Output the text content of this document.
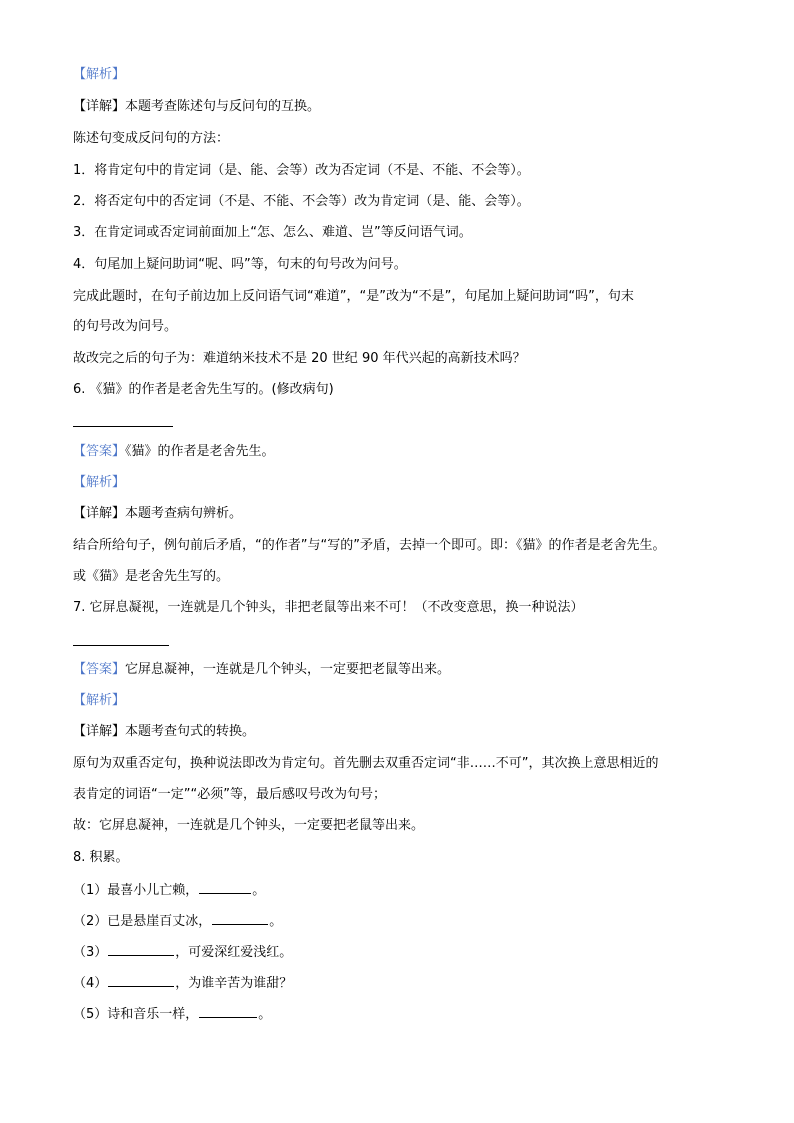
【解析】
【详解】本题考查陈述句与反问句的互换。
陈述句变成反问句的方法：
1．将肯定句中的肯定词（是、能、会等）改为否定词（不是、不能、不会等）。
2．将否定句中的否定词（不是、不能、不会等）改为肯定词（是、能、会等）。
3．在肯定词或否定词前面加上“怎、怎么、难道、岂”等反问语气词。
4．句尾加上疑问助词“呢、吗”等，句末的句号改为问号。
完成此题时，在句子前边加上反问语气词“难道”，“是”改为“不是”，句尾加上疑问助词“吗”，句末
的句号改为问号。
故改完之后的句子为：难道纳米技术不是 20 世纪 90 年代兴起的高新技术吗？
6. 《猫》的作者是老舍先生写的。(修改病句)
【答案】《猫》的作者是老舍先生。
【解析】
【详解】本题考查病句辨析。
结合所给句子，例句前后矛盾，“的作者”与“写的”矛盾，去掉一个即可。即：《猫》的作者是老舍先生。
或《猫》是老舍先生写的。
7. 它屏息凝视，一连就是几个钟头，非把老鼠等出来不可！（不改变意思，换一种说法）
【答案】它屏息凝神，一连就是几个钟头，一定要把老鼠等出来。
【解析】
【详解】本题考查句式的转换。
原句为双重否定句，换种说法即改为肯定句。首先删去双重否定词“非……不可”，其次换上意思相近的
表肯定的词语“一定”“必须”等，最后感叹号改为句号；
故：它屏息凝神，一连就是几个钟头，一定要把老鼠等出来。
8. 积累。
（1）最喜小儿亡赖，	。
（2）已是悬崖百丈冰，	。
（3）	，可爱深红爱浅红。
（4）	，为谁辛苦为谁甜？
（5）诗和音乐一样，	。
